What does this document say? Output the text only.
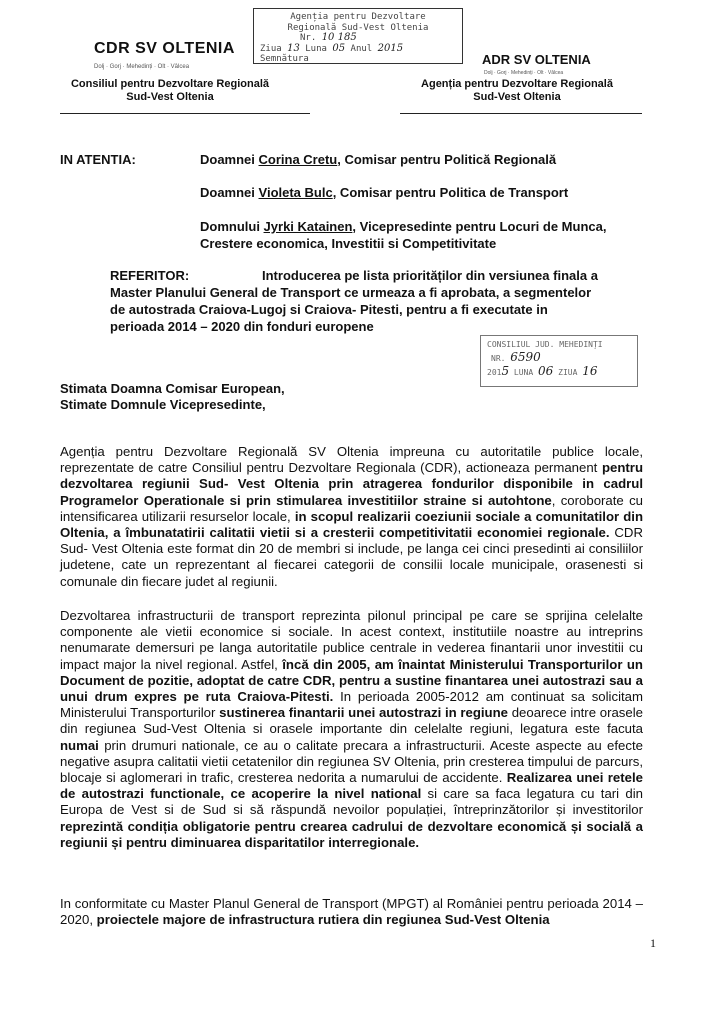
CDR SV OLTENIA
Dolj · Gorj · Mehedinți · Olt · Vâlcea	ADR SV OLTENIA
Dolj · Gorj · Mehedinți · Olt · Vâlcea
Consiliul pentru Dezvoltare Regională
Sud-Vest Oltenia
Agenția pentru Dezvoltare Regională
Sud-Vest Oltenia
Agenția pentru Dezvoltare
Regională Sud-Vest Oltenia
Nr. 10 185
Ziua 13 Luna 05 Anul 2015
Semnătura
IN ATENTIA:	Doamnei Corina Cretu, Comisar pentru Politică Regională
Doamnei Violeta Bulc, Comisar pentru Politica de Transport
Domnului Jyrki Katainen, Vicepresedinte pentru Locuri de Munca,
Crestere economica, Investitii si Competitivitate
REFERITOR:	Introducerea pe lista priorităților din versiunea finala a
Master Planului General de Transport ce urmeaza a fi aprobata, a segmentelor
de autostrada Craiova-Lugoj si Craiova- Pitesti, pentru a fi executate in
perioada 2014 – 2020 din fonduri europene
CONSILIUL JUD. MEHEDINȚI
NR. 6590
2015 LUNA 06 ZIUA 16
Stimata Doamna Comisar European,
Stimate Domnule Vicepresedinte,
Agenția pentru Dezvoltare Regională SV Oltenia impreuna cu autoritatile publice locale, reprezentate de catre Consiliul pentru Dezvoltare Regionala (CDR), actioneaza permanent pentru dezvoltarea regiunii Sud- Vest Oltenia prin atragerea fondurilor disponibile in cadrul Programelor Operationale si prin stimularea investitiilor straine si autohtone, coroborate cu intensificarea utilizarii resurselor locale, in scopul realizarii coeziunii sociale a comunitatilor din Oltenia, a îmbunatatirii calitatii vietii si a cresterii competitivitatii economiei regionale. CDR Sud- Vest Oltenia este format din 20 de membri si include, pe langa cei cinci presedinti ai consiliilor judetene, cate un reprezentant al fiecarei categorii de consilii locale municipale, orasenesti si comunale din fiecare judet al regiunii.
Dezvoltarea infrastructurii de transport reprezinta pilonul principal pe care se sprijina celelalte componente ale vietii economice si sociale. In acest context, institutiile noastre au intreprins nenumarate demersuri pe langa autoritatile publice centrale in vederea finantarii unor investitii cu impact major la nivel regional. Astfel, încă din 2005, am înaintat Ministerului Transporturilor un Document de pozitie, adoptat de catre CDR, pentru a sustine finantarea unei autostrazi sau a unui drum expres pe ruta Craiova-Pitesti. In perioada 2005-2012 am continuat sa solicitam Ministerului Transporturilor sustinerea finantarii unei autostrazi in regiune deoarece intre orasele din regiunea Sud-Vest Oltenia si orasele importante din celelalte regiuni, legatura este facuta numai prin drumuri nationale, ce au o calitate precara a infrastructurii. Aceste aspecte au efecte negative asupra calitatii vietii cetatenilor din regiunea SV Oltenia, prin cresterea timpului de parcurs, blocaje si aglomerari in trafic, cresterea nedorita a numarului de accidente. Realizarea unei retele de autostrazi functionale, ce acoperire la nivel national si care sa faca legatura cu tari din Europa de Vest si de Sud si să răspundă nevoilor populației, întreprinzătorilor și investitorilor reprezintă condiția obligatorie pentru crearea cadrului de dezvoltare economică și socială a regiunii și pentru diminuarea disparitatilor interregionale.
In conformitate cu Master Planul General de Transport (MPGT) al României pentru perioada 2014 – 2020, proiectele majore de infrastructura rutiera din regiunea Sud-Vest Oltenia
1
